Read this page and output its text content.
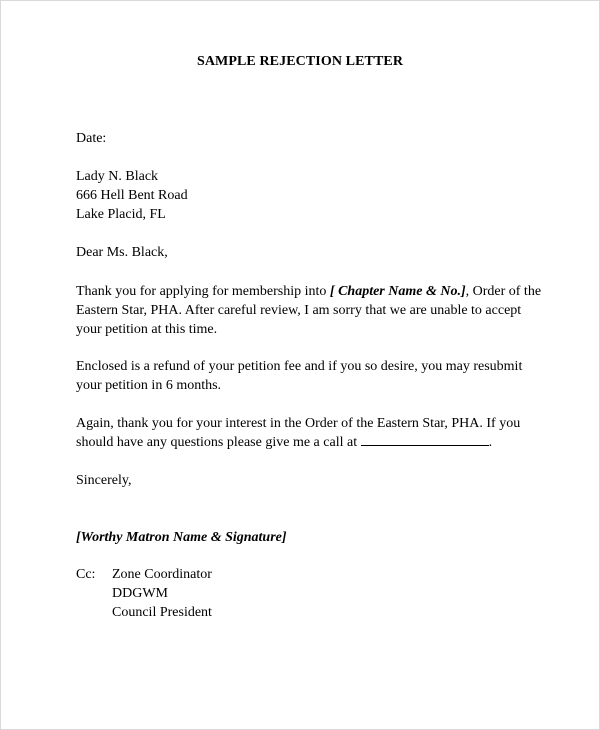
SAMPLE REJECTION LETTER
Date:
Lady N. Black
666 Hell Bent Road
Lake Placid, FL
Dear Ms. Black,
Thank you for applying for membership into [ Chapter Name & No.], Order of the
Eastern Star, PHA. After careful review, I am sorry that we are unable to accept
your petition at this time.
Enclosed is a refund of your petition fee and if you so desire, you may resubmit
your petition in 6 months.
Again, thank you for your interest in the Order of the Eastern Star, PHA. If you
should have any questions please give me a call at	.
Sincerely,
[Worthy Matron Name & Signature]
Cc: Zone Coordinator
DDGWM
Council President
